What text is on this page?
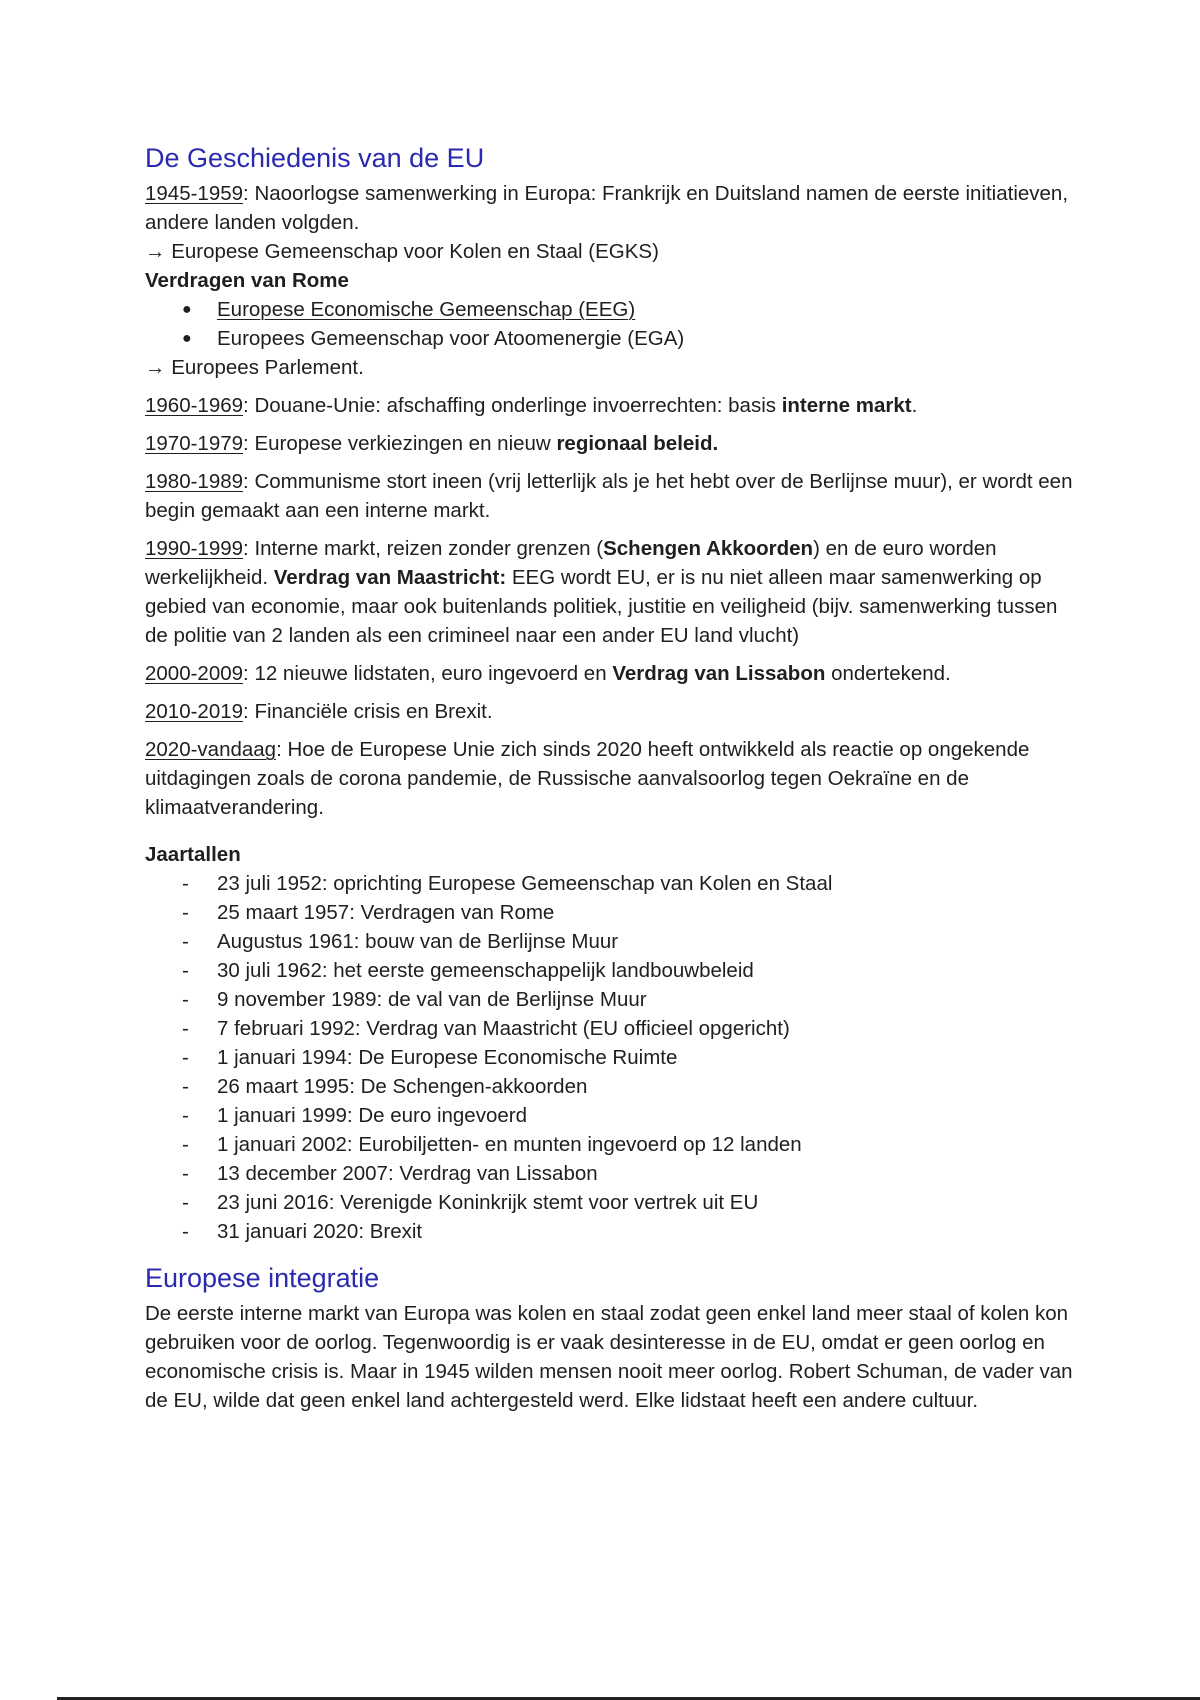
De Geschiedenis van de EU

1945-1959: Naoorlogse samenwerking in Europa: Frankrijk en Duitsland namen de eerste initiatieven, andere landen volgden.

→ Europese Gemeenschap voor Kolen en Staal (EGKS)

Verdragen van Rome

●	Europese Economische Gemeenschap (EEG)
●	Europees Gemeenschap voor Atoomenergie (EGA)

→ Europees Parlement.

1960-1969: Douane-Unie: afschaffing onderlinge invoerrechten: basis interne markt.

1970-1979: Europese verkiezingen en nieuw regionaal beleid.

1980-1989: Communisme stort ineen (vrij letterlijk als je het hebt over de Berlijnse muur), er wordt een begin gemaakt aan een interne markt.

1990-1999: Interne markt, reizen zonder grenzen (Schengen Akkoorden) en de euro worden werkelijkheid. Verdrag van Maastricht: EEG wordt EU, er is nu niet alleen maar samenwerking op gebied van economie, maar ook buitenlands politiek, justitie en veiligheid (bijv. samenwerking tussen de politie van 2 landen als een crimineel naar een ander EU land vlucht)

2000-2009: 12 nieuwe lidstaten, euro ingevoerd en Verdrag van Lissabon ondertekend.

2010-2019: Financiële crisis en Brexit.

2020-vandaag: Hoe de Europese Unie zich sinds 2020 heeft ontwikkeld als reactie op ongekende uitdagingen zoals de corona pandemie, de Russische aanvalsoorlog tegen Oekraïne en de klimaatverandering.

Jaartallen

-	23 juli 1952: oprichting Europese Gemeenschap van Kolen en Staal
-	25 maart 1957: Verdragen van Rome
-	Augustus 1961: bouw van de Berlijnse Muur
-	30 juli 1962: het eerste gemeenschappelijk landbouwbeleid
-	9 november 1989: de val van de Berlijnse Muur
-	7 februari 1992: Verdrag van Maastricht (EU officieel opgericht)
-	1 januari 1994: De Europese Economische Ruimte
-	26 maart 1995: De Schengen-akkoorden
-	1 januari 1999: De euro ingevoerd
-	1 januari 2002: Eurobiljetten- en munten ingevoerd op 12 landen
-	13 december 2007: Verdrag van Lissabon
-	23 juni 2016: Verenigde Koninkrijk stemt voor vertrek uit EU
-	31 januari 2020: Brexit
Europese integratie

De eerste interne markt van Europa was kolen en staal zodat geen enkel land meer staal of kolen kon gebruiken voor de oorlog. Tegenwoordig is er vaak desinteresse in de EU, omdat er geen oorlog en economische crisis is. Maar in 1945 wilden mensen nooit meer oorlog. Robert Schuman, de vader van de EU, wilde dat geen enkel land achtergesteld werd. Elke lidstaat heeft een andere cultuur.
